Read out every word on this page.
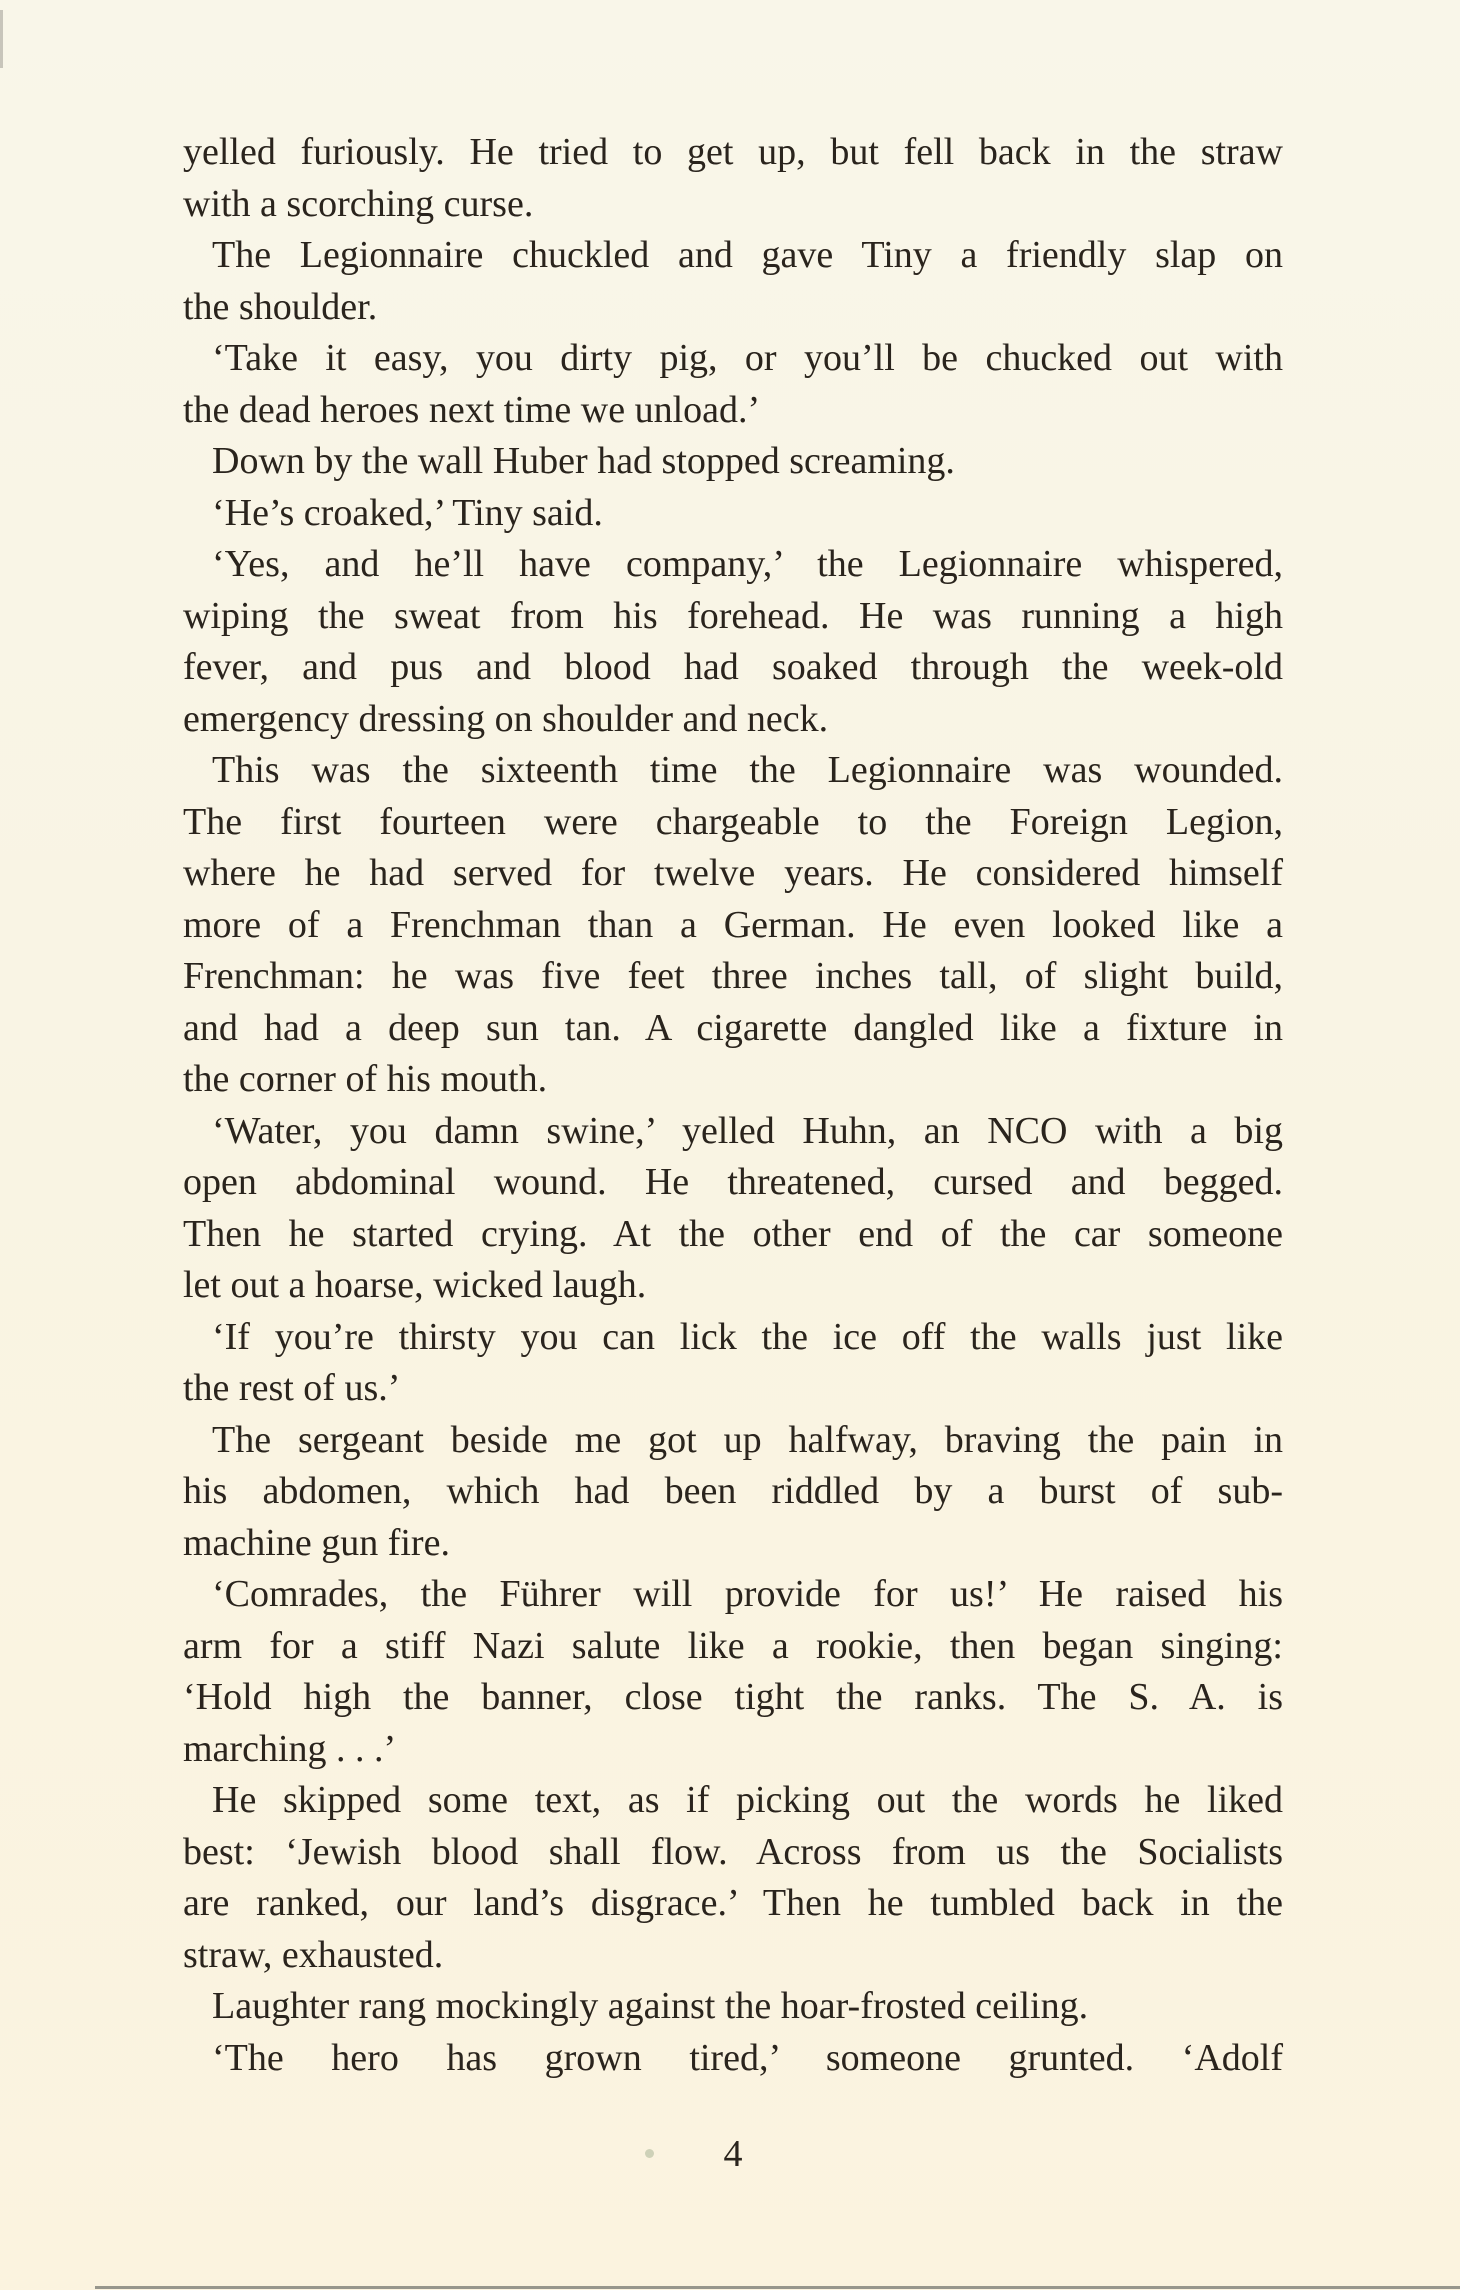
yelled furiously. He tried to get up, but fell back in the straw
with a scorching curse.
The Legionnaire chuckled and gave Tiny a friendly slap on
the shoulder.
‘Take it easy, you dirty pig, or you’ll be chucked out with
the dead heroes next time we unload.’
Down by the wall Huber had stopped screaming.
‘He’s croaked,’ Tiny said.
‘Yes, and he’ll have company,’ the Legionnaire whispered,
wiping the sweat from his forehead. He was running a high
fever, and pus and blood had soaked through the week-old
emergency dressing on shoulder and neck.
This was the sixteenth time the Legionnaire was wounded.
The first fourteen were chargeable to the Foreign Legion,
where he had served for twelve years. He considered himself
more of a Frenchman than a German. He even looked like a
Frenchman: he was five feet three inches tall, of slight build,
and had a deep sun tan. A cigarette dangled like a fixture in
the corner of his mouth.
‘Water, you damn swine,’ yelled Huhn, an NCO with a big
open abdominal wound. He threatened, cursed and begged.
Then he started crying. At the other end of the car someone
let out a hoarse, wicked laugh.
‘If you’re thirsty you can lick the ice off the walls just like
the rest of us.’
The sergeant beside me got up halfway, braving the pain in
his abdomen, which had been riddled by a burst of sub-
machine gun fire.
‘Comrades, the Führer will provide for us!’ He raised his
arm for a stiff Nazi salute like a rookie, then began singing:
‘Hold high the banner, close tight the ranks. The S. A. is
marching . . .’
He skipped some text, as if picking out the words he liked
best: ‘Jewish blood shall flow. Across from us the Socialists
are ranked, our land’s disgrace.’ Then he tumbled back in the
straw, exhausted.
Laughter rang mockingly against the hoar-frosted ceiling.
‘The hero has grown tired,’ someone grunted. ‘Adolf
4
